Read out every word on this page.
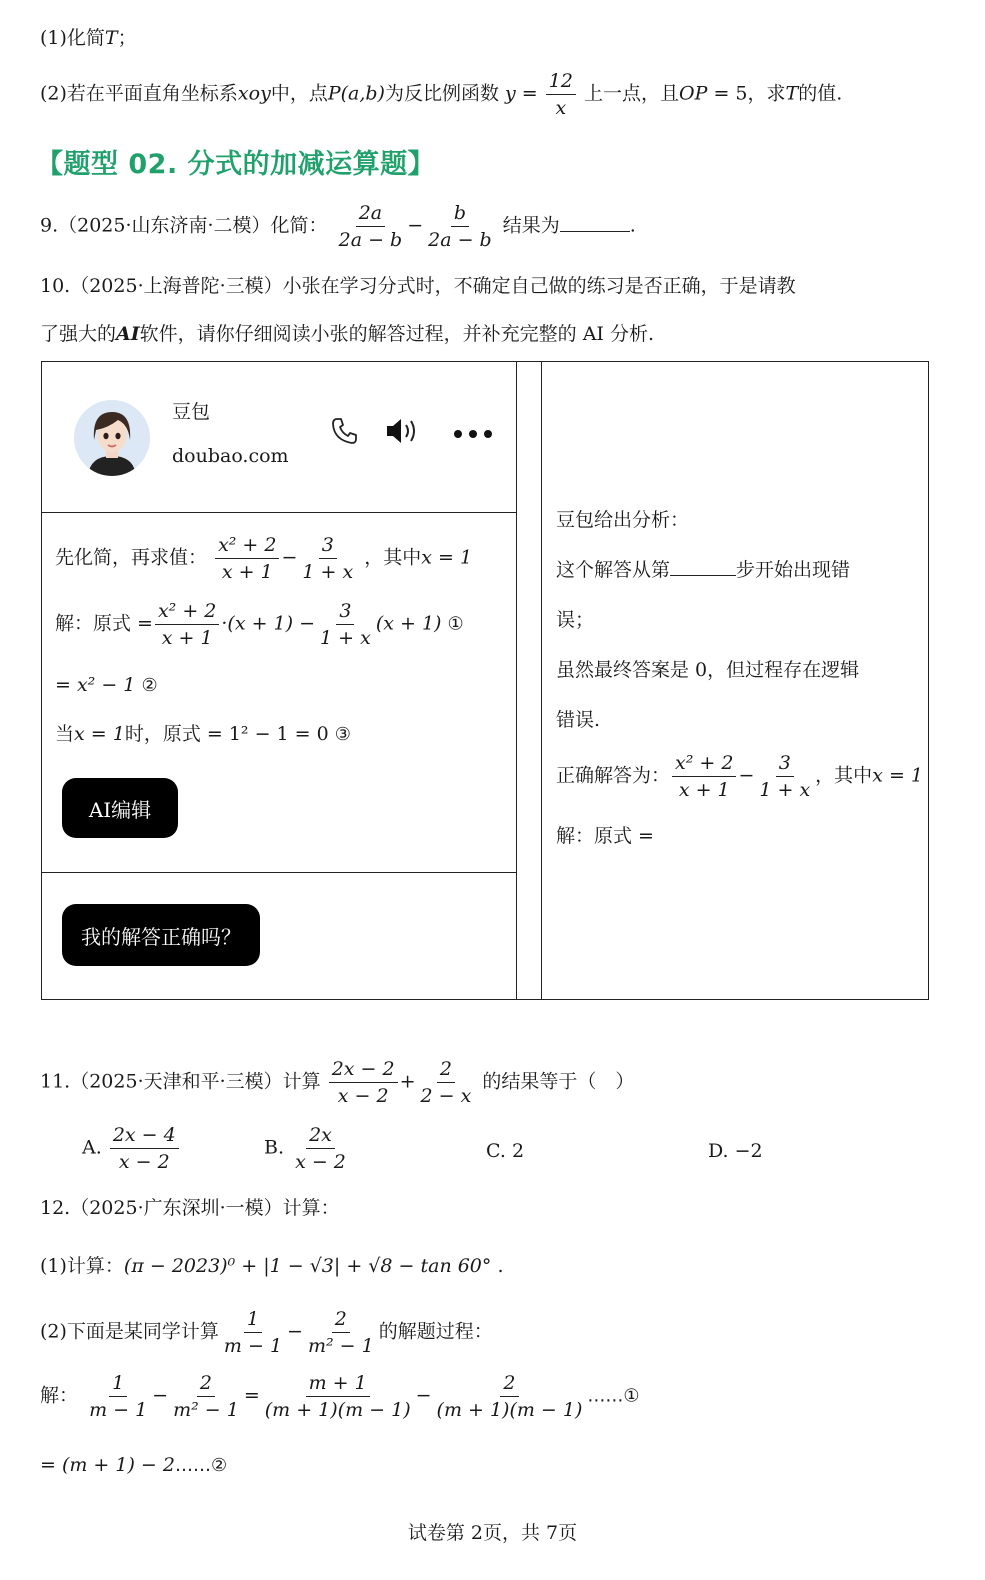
(1)化简T；
(2)若在平面直角坐标系xoy中，点P(a,b)为反比例函数 $y = \frac{12}{x}$ 上一点，且OP = 5，求T的值.
【题型 02. 分式的加减运算题】
9.（2025·山东济南·二模）化简： $\frac{2a}{2a - b} - \frac{b}{2a - b}$ 结果为	.
10.（2025·上海普陀·三模）小张在学习分式时，不确定自己做的练习是否正确，于是请教
了强大的AI软件，请你仔细阅读小张的解答过程，并补充完整的 AI 分析.
豆包
doubao.com
先化简，再求值： $\frac{\text{x² + 2}}{x + 1} - \frac{3}{1 + x}$ ，其中x = 1
解：原式 = $\frac{\text{x² + 2}}{x + 1} \cdot(x + 1) - \frac{3}{1 + x} (x + 1)$ ①
= x² − 1 ②
当x = 1时，原式 = 1² − 1 = 0 ③
AI编辑
我的解答正确吗？
豆包给出分析：
这个解答从第	步开始出现错
误；
虽然最终答案是 0，但过程存在逻辑
错误.
正确解答为： $\frac{\text{x² + 2}}{x + 1} - \frac{3}{1 + x}$ ，其中x = 1
解：原式 =
11.（2025·天津和平·三模）计算 $\frac{2x - 2}{x - 2} + \frac{2}{2 - x}$ 的结果等于（　）
A. $\frac{2x - 4}{x - 2}$	B. $\frac{2x}{x - 2}$	C. 2	D. −2
12.（2025·广东深圳·一模）计算：
(1)计算：(π − 2023)⁰ + |1 − √3| + √8 − tan 60° .
(2)下面是某同学计算 $\frac{1}{m - 1} - \frac{2}{\text{m² − 1}}$ 的解题过程：
解： $\frac{1}{m - 1} - \frac{2}{\text{m² − 1}} = \frac{m + 1}{(m + 1)(m - 1)} - \frac{2}{(m + 1)(m - 1)}$ ……①
= (m + 1) − 2……②
试卷第 2页，共 7页
